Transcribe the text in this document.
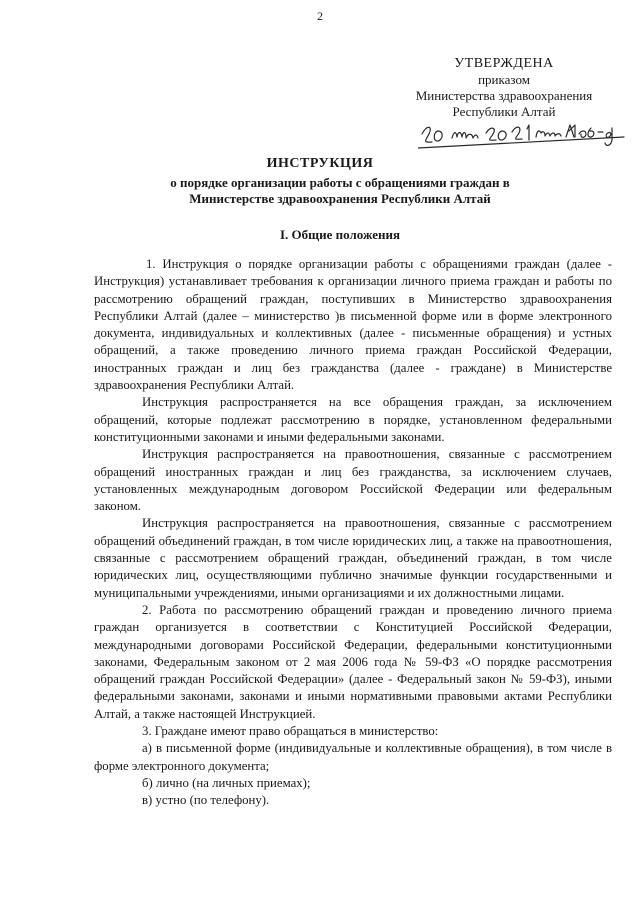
2
УТВЕРЖДЕНА
приказом
Министерства здравоохранения
Республики Алтай
ИНСТРУКЦИЯ
о порядке организации работы с обращениями граждан в Министерстве здравоохранения Республики Алтай
I. Общие положения

1. Инструкция о порядке организации работы с обращениями граждан (далее - Инструкция) устанавливает требования к организации личного приема граждан и работы по рассмотрению обращений граждан, поступивших в Министерство здравоохранения Республики Алтай (далее – министерство )в письменной форме или в форме электронного документа, индивидуальных и коллективных (далее - письменные обращения) и устных обращений, а также проведению личного приема граждан Российской Федерации, иностранных граждан и лиц без гражданства (далее - граждане) в Министерстве здравоохранения Республики Алтай.

Инструкция распространяется на все обращения граждан, за исключением обращений, которые подлежат рассмотрению в порядке, установленном федеральными конституционными законами и иными федеральными законами.

Инструкция распространяется на правоотношения, связанные с рассмотрением обращений иностранных граждан и лиц без гражданства, за исключением случаев, установленных международным договором Российской Федерации или федеральным законом.

Инструкция распространяется на правоотношения, связанные с рассмотрением обращений объединений граждан, в том числе юридических лиц, а также на правоотношения, связанные с рассмотрением обращений граждан, объединений граждан, в том числе юридических лиц, осуществляющими публично значимые функции государственными и муниципальными учреждениями, иными организациями и их должностными лицами.

2. Работа по рассмотрению обращений граждан и проведению личного приема граждан организуется в соответствии с Конституцией Российской Федерации, международными договорами Российской Федерации, федеральными конституционными законами, Федеральным законом от 2 мая 2006 года № 59-ФЗ «О порядке рассмотрения обращений граждан Российской Федерации» (далее - Федеральный закон № 59-ФЗ), иными федеральными законами, законами и иными нормативными правовыми актами Республики Алтай, а также настоящей Инструкцией.

3. Граждане имеют право обращаться в министерство:

а) в письменной форме (индивидуальные и коллективные обращения), в том числе в форме электронного документа;

б) лично (на личных приемах);

в) устно (по телефону).
